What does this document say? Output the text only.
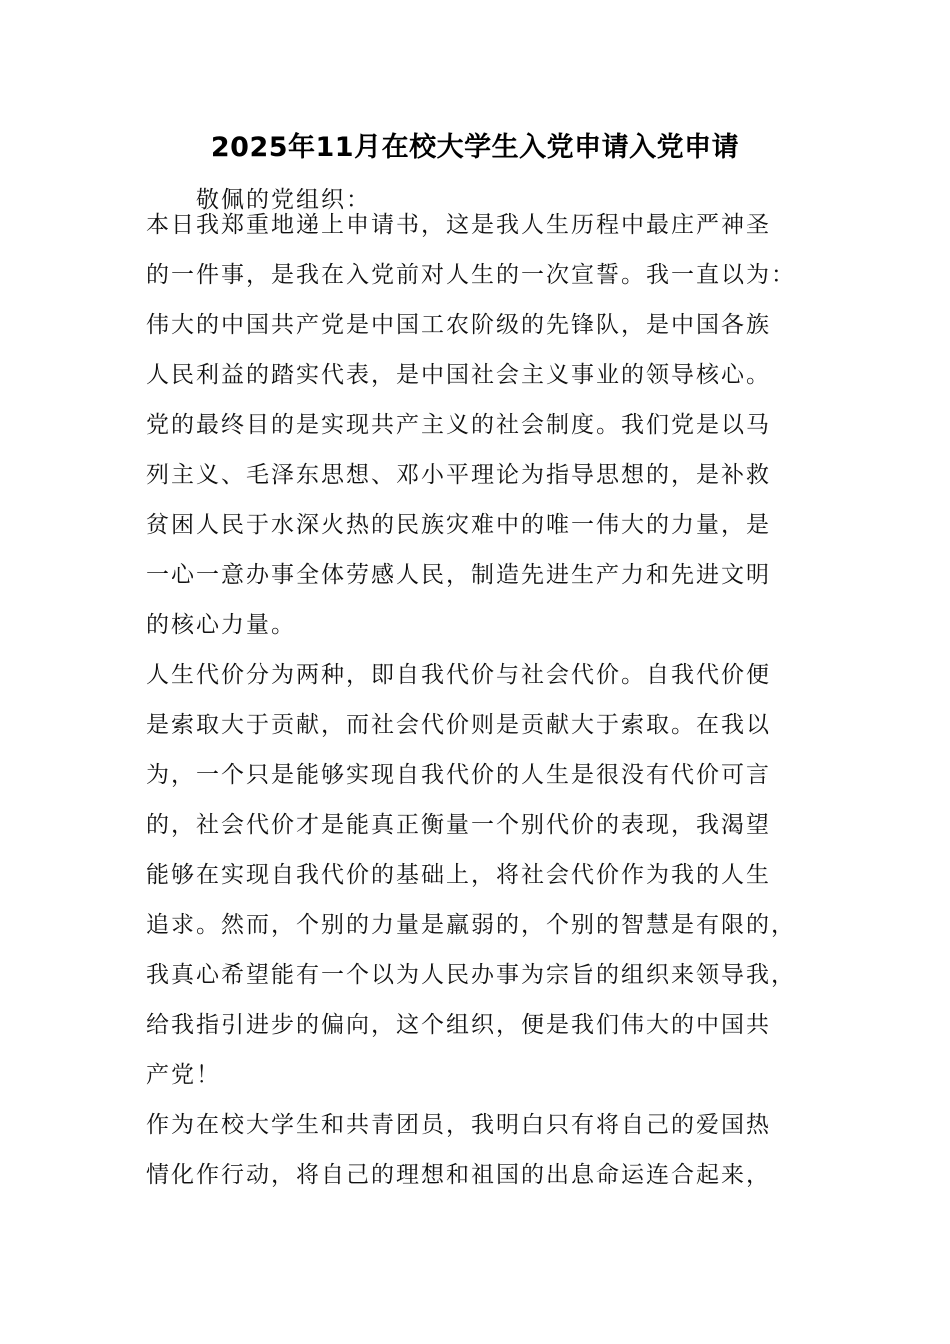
2025年11月在校大学生入党申请入党申请
敬佩的党组织：
本日我郑重地递上申请书，这是我人生历程中最庄严神圣
的一件事，是我在入党前对人生的一次宣誓。我一直以为：
伟大的中国共产党是中国工农阶级的先锋队，是中国各族
人民利益的踏实代表，是中国社会主义事业的领导核心。
党的最终目的是实现共产主义的社会制度。我们党是以马
列主义、毛泽东思想、邓小平理论为指导思想的，是补救
贫困人民于水深火热的民族灾难中的唯一伟大的力量，是
一心一意办事全体劳感人民，制造先进生产力和先进文明
的核心力量。
人生代价分为两种，即自我代价与社会代价。自我代价便
是索取大于贡献，而社会代价则是贡献大于索取。在我以
为，一个只是能够实现自我代价的人生是很没有代价可言
的，社会代价才是能真正衡量一个别代价的表现，我渴望
能够在实现自我代价的基础上，将社会代价作为我的人生
追求。然而，个别的力量是羸弱的，个别的智慧是有限的，
我真心希望能有一个以为人民办事为宗旨的组织来领导我，
给我指引进步的偏向，这个组织，便是我们伟大的中国共
产党！
作为在校大学生和共青团员，我明白只有将自己的爱国热
情化作行动，将自己的理想和祖国的出息命运连合起来，
